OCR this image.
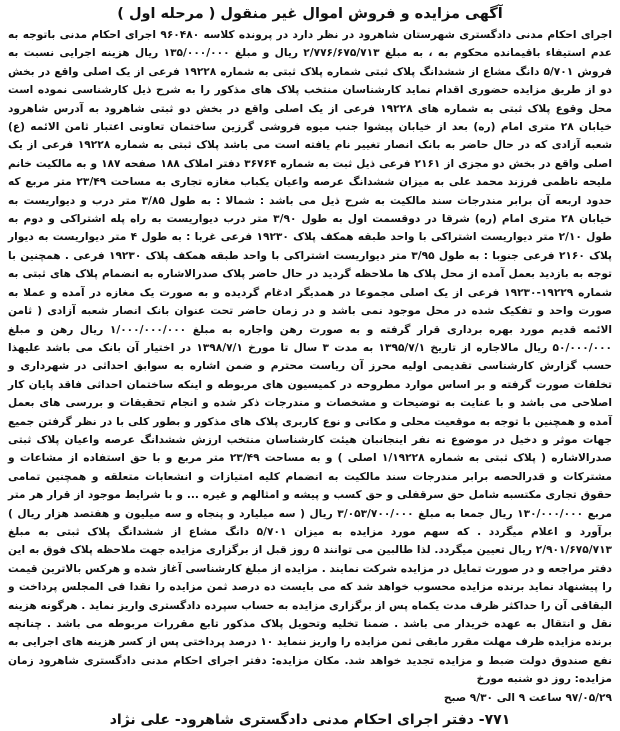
آگهی مزایده و فروش اموال غیر منقول ( مرحله اول )

اجرای احکام مدنی دادگستری شهرستان شاهرود در نظر دارد در پرونده کلاسه ۹۶۰۴۸۰ اجرای احکام مدنی باتوجه به عدم استیفاء باقیمانده محکوم به ، به مبلغ ۲/۷۷۶/۶۷۵/۷۱۳ ریال و مبلغ ۱۳۵/۰۰۰/۰۰۰ ریال هزینه اجرایی نسبت به فروش ۵/۷۰۱ دانگ مشاع از ششدانگ پلاک ثبتی شماره پلاک ثبتی به شماره ۱۹۲۲۸ فرعی از یک اصلی واقع در بخش دو از طریق مزایده حضوری اقدام نماید کارشناسان منتخب پلاک های مذکور را به شرح ذیل کارشناسی نموده است محل وقوع پلاک ثبتی به شماره های ۱۹۲۲۸ فرعی از یک اصلی واقع در بخش دو ثبتی شاهرود به آدرس شاهرود خیابان ۲۸ متری امام (ره) بعد از خیابان پیشوا جنب میوه فروشی گرزین ساختمان تعاونی اعتبار ثامن الائمه (ع) شعبه آزادی که در حال حاضر به بانک انصار تغییر نام یافته است می باشد پلاک ثبتی به شماره ۱۹۲۲۸ فرعی از یک اصلی واقع در بخش دو مجزی از ۲۱۶۱ فرعی ذیل ثبت به شماره ۳۶۷۶۴ دفتر املاک ۱۸۸ صفحه ۱۸۷ و به مالکیت خانم ملیحه ناظمی فرزند محمد علی به میزان ششدانگ عرصه واعیان یکباب مغازه تجاری به مساحت ۲۳/۴۹ متر مربع که حدود اربعه آن برابر مندرجات سند مالکیت به شرح ذیل می باشد : شمالا : به طول ۳/۸۵ متر درب و دیواریست به خیابان ۲۸ متری امام (ره) شرقا در دوقسمت اول به طول ۳/۹۰ متر درب دیواریست به راه پله اشتراکی و دوم به طول ۲/۱۰ متر دیواریست اشتراکی با واحد طبقه همکف پلاک ۱۹۲۳۰ فرعی غربا : به طول ۴ متر دیواریست به دیوار پلاک ۲۱۶۰ فرعی جنوبا : به طول ۳/۹۵ متر دیواریست اشتراکی با واحد طبقه همکف پلاک ۱۹۲۳۰ فرعی . همچنین با توجه به بازدید بعمل آمده از محل پلاک ها ملاحظه گردید در حال حاضر پلاک صدرالاشاره به انضمام پلاک های ثبتی به شماره ۱۹۲۲۹-۱۹۲۳۰ فرعی از یک اصلی مجموعا در همدیگر ادغام گردیده و به صورت یک مغازه در آمده و عملا به صورت واحد و تفکیک شده در محل موجود نمی باشد و در زمان حاضر تحت عنوان بانک انصار شعبه آزادی ( ثامن الائمه قدیم مورد بهره برداری قرار گرفته و به صورت رهن واجاره به مبلغ ۱/۰۰۰/۰۰۰/۰۰۰ ریال رهن و مبلغ ۵۰/۰۰۰/۰۰۰ ریال مالاجاره از تاریخ ۱۳۹۵/۷/۱ به مدت ۳ سال تا مورخ ۱۳۹۸/۷/۱ در اختیار آن بانک می باشد علیهذا حسب گزارش کارشناسی تقدیمی اولیه محرز آن ریاست محترم و ضمن اشاره به سوابق احداثی در شهرداری و تخلفات صورت گرفته و بر اساس موارد مطروحه در کمیسیون های مربوطه و اینکه ساختمان احداثی فاقد پایان کار اصلاحی می باشد و با عنایت به توضیحات و مشخصات و مندرجات ذکر شده و انجام تحقیقات و بررسی های بعمل آمده و همچنین با توجه به موقعیت محلی و مکانی و نوع کاربری پلاک های مذکور و بطور کلی با در نظر گرفتن جمیع جهات موثر و دخیل در موضوع نه نفر اینجانبان هیئت کارشناسان منتخب ارزش ششدانگ عرصه واعیان پلاک ثبتی صدرالاشاره ( پلاک ثبتی به شماره ۱/۱۹۲۲۸ اصلی ) و به مساحت ۲۳/۴۹ متر مربع و با حق استفاده از مشاعات و مشترکات و قدرالحصه برابر مندرجات سند مالکیت به انضمام کلیه امتیازات و انشعابات متعلقه و همچنین تمامی حقوق تجاری مکتسبه شامل حق سرقفلی و حق کسب و پیشه و امثالهم و غیره ... و با شرایط موجود از قرار هر متر مربع ۱۳۰/۰۰۰/۰۰۰ ریال جمعا به مبلغ ۳/۰۵۳/۷۰۰/۰۰۰ ریال ( سه میلیارد و پنجاه و سه میلیون و هفتصد هزار ریال ) برآورد و اعلام میگردد . که سهم مورد مزایده به میزان ۵/۷۰۱ دانگ مشاع از ششدانگ پلاک ثبتی به مبلغ ۲/۹۰۱/۶۷۵/۷۱۳ ریال تعیین میگردد. لذا طالبین می توانند ۵ روز قبل از برگزاری مزایده جهت ملاحظه پلاک فوق به این دفتر مراجعه و در صورت تمایل در مزایده شرکت نمایند . مزایده از مبلغ کارشناسی آغاز شده و هرکس بالاترین قیمت را پیشنهاد نماید برنده مزایده محسوب خواهد شد که می بایست ده درصد ثمن مزایده را نقدا فی المجلس پرداخت و البقاقی آن را حداکثر ظرف مدت یکماه پس از برگزاری مزایده به حساب سپرده دادگستری واریز نماید . هرگونه هزینه نقل و انتقال به عهده خریدار می باشد . ضمنا تخلیه وتحویل پلاک مذکور تابع مقررات مربوطه می باشد . چنانچه برنده مزایده ظرف مهلت مقرر مابقی ثمن مزایده را واریز ننماید ۱۰ درصد پرداختی پس از کسر هزینه های اجرایی به نفع صندوق دولت ضبط و مزایده تجدید خواهد شد. مکان مزایده: دفتر اجرای احکام مدنی دادگستری شاهرود زمان مزایده: روز دو شنبه مورخ

۹۷/۰۵/۲۹ ساعت ۹ الی ۹/۳۰ صبح
۷۷۱- دفتر اجرای احکام مدنی دادگستری شاهرود- علی نژاد
